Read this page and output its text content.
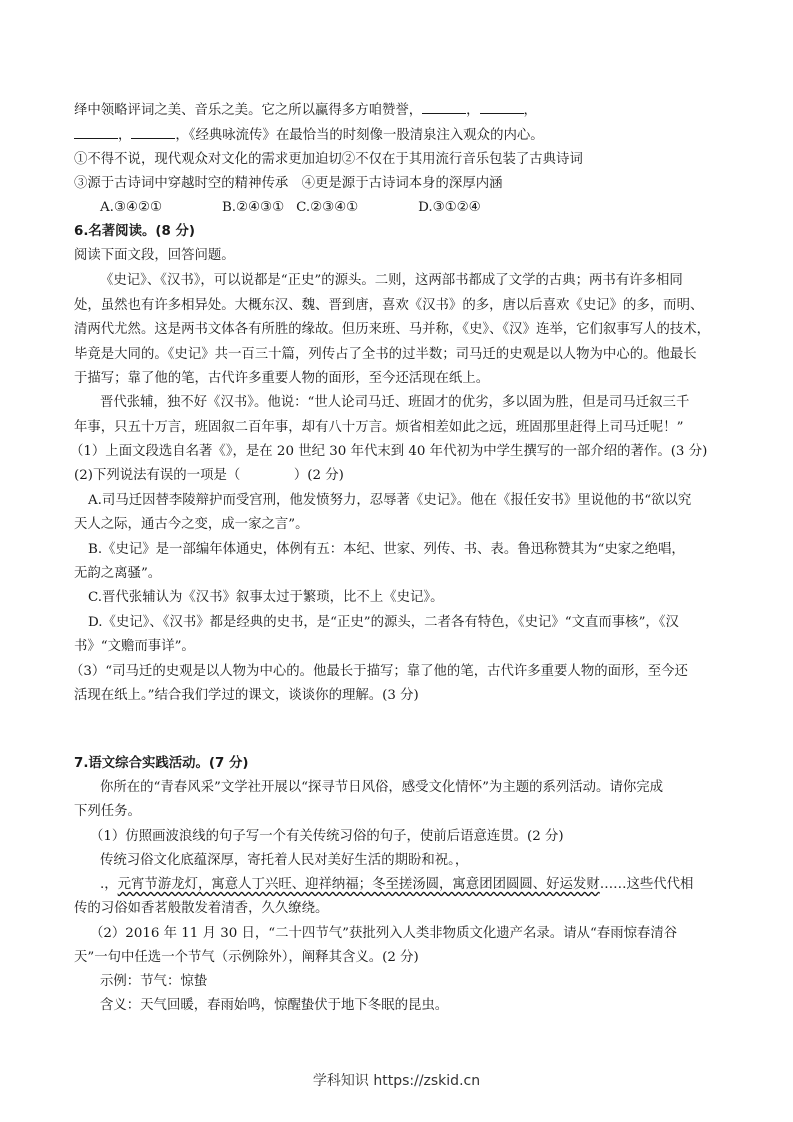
绎中领略评词之美、音乐之美。它之所以赢得多方咱赞誉，	，	，
，	，《经典咏流传》在最恰当的时刻像一股清泉注入观众的内心。
①不得不说，现代观众对文化的需求更加迫切②不仅在于其用流行音乐包装了古典诗词
③源于古诗词中穿越时空的精神传承　④更是源于古诗词本身的深厚内涵
A.③④②①	B.②④③① C.②③④①	D.③①②④
6.名著阅读。(8 分)
阅读下面文段，回答问题。
《史记》、《汉书》，可以说都是“正史”的源头。二则，这两部书都成了文学的古典；两书有许多相同
处，虽然也有许多相异处。大概东汉、魏、晋到唐，喜欢《汉书》的多，唐以后喜欢《史记》的多，而明、
清两代尤然。这是两书文体各有所胜的缘故。但历来班、马并称，《史》、《汉》连举，它们叙事写人的技术，
毕竟是大同的。《史记》共一百三十篇，列传占了全书的过半数；司马迁的史观是以人物为中心的。他最长
于描写；靠了他的笔，古代许多重要人物的面形，至今还活现在纸上。
晋代张辅，独不好《汉书》。他说：“世人论司马迁、班固才的优劣，多以固为胜，但是司马迁叙三千
年事，只五十万言，班固叙二百年事，却有八十万言。烦省相差如此之远，班固那里赶得上司马迁呢！”
（1）上面文段选自名著《》，是在 20 世纪 30 年代末到 40 年代初为中学生撰写的一部介绍的著作。(3 分)
(2)下列说法有误的一项是（　　　　）(2 分)
A.司马迁因替李陵辩护而受宫刑，他发愤努力，忍辱著《史记》。他在《报任安书》里说他的书“欲以究
天人之际，通古今之变，成一家之言”。
B.《史记》是一部编年体通史，体例有五：本纪、世家、列传、书、表。鲁迅称赞其为“史家之绝唱，
无韵之离骚”。
C.晋代张辅认为《汉书》叙事太过于繁琐，比不上《史记》。
D.《史记》、《汉书》都是经典的史书，是“正史”的源头，二者各有特色，《史记》“文直而事核”，《汉
书》“文赡而事详”。
（3）“司马迁的史观是以人物为中心的。他最长于描写；靠了他的笔，古代许多重要人物的面形，至今还
活现在纸上。”结合我们学过的课文，谈谈你的理解。(3 分)
7.语文综合实践活动。(7 分)
你所在的“青春风采”文学社开展以“探寻节日风俗，感受文化情怀”为主题的系列活动。请你完成
下列任务。
（1）仿照画波浪线的句子写一个有关传统习俗的句子，使前后语意连贯。(2 分)
传统习俗文化底蕴深厚，寄托着人民对美好生活的期盼和祝。，
.，元宵节游龙灯，寓意人丁兴旺、迎祥纳福；冬至搓汤圆，寓意团团圆圆、好运发财……这些代代相
传的习俗如香茗般散发着清香，久久缭绕。
（2）2016 年 11 月 30 日，“二十四节气”获批列入人类非物质文化遗产名录。请从“春雨惊春清谷
天”一句中任选一个节气（示例除外），阐释其含义。(2 分)
示例：节气：惊蛰
含义：天气回暖，春雨始鸣，惊醒蛰伏于地下冬眠的昆虫。
学科知识 https://zskid.cn
